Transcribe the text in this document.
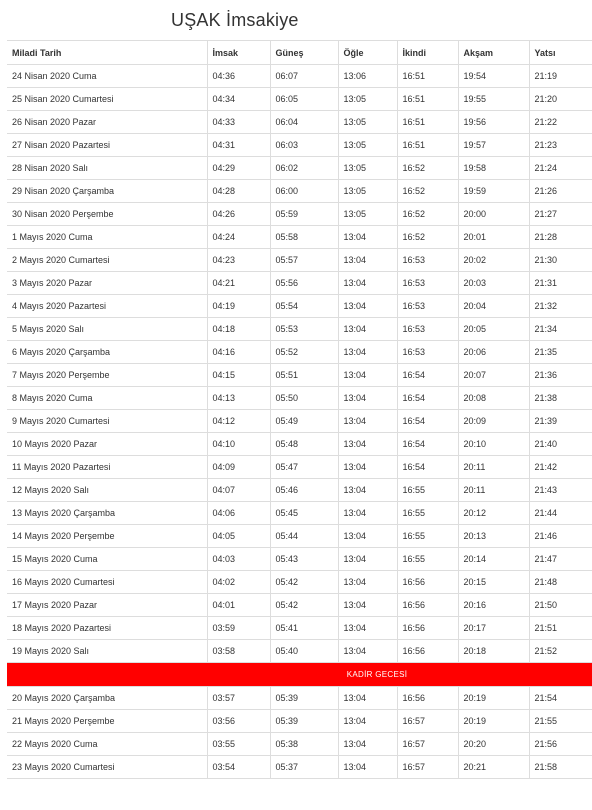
UŞAK İmsakiye
Miladi Tarih	İmsak	Güneş	Öğle	İkindi	Akşam	Yatsı
24 Nisan 2020 Cuma	04:36	06:07	13:06	16:51	19:54	21:19
25 Nisan 2020 Cumartesi	04:34	06:05	13:05	16:51	19:55	21:20
26 Nisan 2020 Pazar	04:33	06:04	13:05	16:51	19:56	21:22
27 Nisan 2020 Pazartesi	04:31	06:03	13:05	16:51	19:57	21:23
28 Nisan 2020 Salı	04:29	06:02	13:05	16:52	19:58	21:24
29 Nisan 2020 Çarşamba	04:28	06:00	13:05	16:52	19:59	21:26
30 Nisan 2020 Perşembe	04:26	05:59	13:05	16:52	20:00	21:27
1 Mayıs 2020 Cuma	04:24	05:58	13:04	16:52	20:01	21:28
2 Mayıs 2020 Cumartesi	04:23	05:57	13:04	16:53	20:02	21:30
3 Mayıs 2020 Pazar	04:21	05:56	13:04	16:53	20:03	21:31
4 Mayıs 2020 Pazartesi	04:19	05:54	13:04	16:53	20:04	21:32
5 Mayıs 2020 Salı	04:18	05:53	13:04	16:53	20:05	21:34
6 Mayıs 2020 Çarşamba	04:16	05:52	13:04	16:53	20:06	21:35
7 Mayıs 2020 Perşembe	04:15	05:51	13:04	16:54	20:07	21:36
8 Mayıs 2020 Cuma	04:13	05:50	13:04	16:54	20:08	21:38
9 Mayıs 2020 Cumartesi	04:12	05:49	13:04	16:54	20:09	21:39
10 Mayıs 2020 Pazar	04:10	05:48	13:04	16:54	20:10	21:40
11 Mayıs 2020 Pazartesi	04:09	05:47	13:04	16:54	20:11	21:42
12 Mayıs 2020 Salı	04:07	05:46	13:04	16:55	20:11	21:43
13 Mayıs 2020 Çarşamba	04:06	05:45	13:04	16:55	20:12	21:44
14 Mayıs 2020 Perşembe	04:05	05:44	13:04	16:55	20:13	21:46
15 Mayıs 2020 Cuma	04:03	05:43	13:04	16:55	20:14	21:47
16 Mayıs 2020 Cumartesi	04:02	05:42	13:04	16:56	20:15	21:48
17 Mayıs 2020 Pazar	04:01	05:42	13:04	16:56	20:16	21:50
18 Mayıs 2020 Pazartesi	03:59	05:41	13:04	16:56	20:17	21:51
19 Mayıs 2020 Salı	03:58	05:40	13:04	16:56	20:18	21:52
KADİR GECESİ						
20 Mayıs 2020 Çarşamba	03:57	05:39	13:04	16:56	20:19	21:54
21 Mayıs 2020 Perşembe	03:56	05:39	13:04	16:57	20:19	21:55
22 Mayıs 2020 Cuma	03:55	05:38	13:04	16:57	20:20	21:56
23 Mayıs 2020 Cumartesi	03:54	05:37	13:04	16:57	20:21	21:58
